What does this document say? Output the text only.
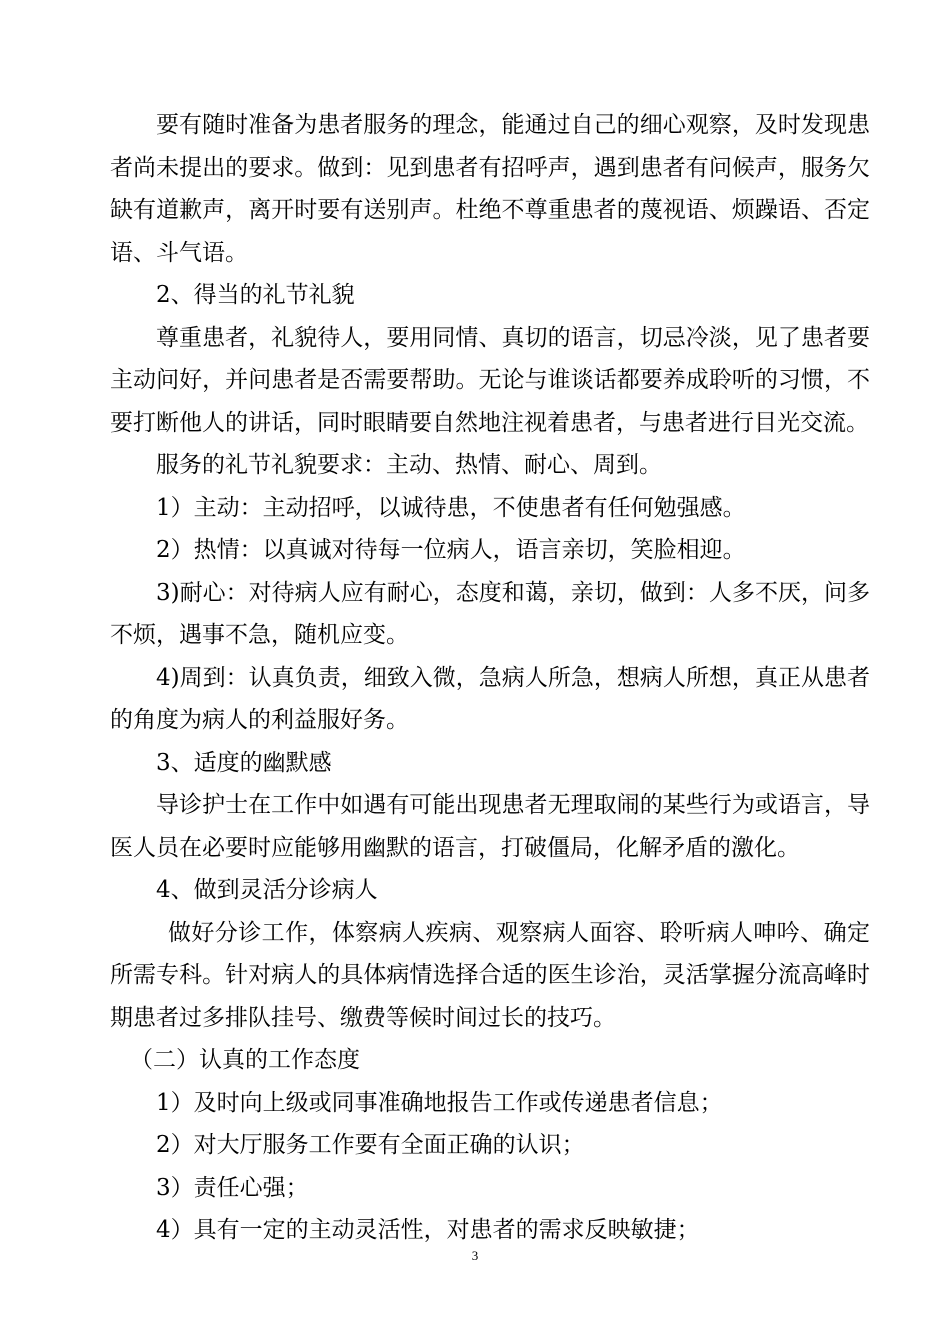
要有随时准备为患者服务的理念，能通过自己的细心观察，及时发现患者尚未提出的要求。做到：见到患者有招呼声，遇到患者有问候声，服务欠缺有道歉声，离开时要有送别声。杜绝不尊重患者的蔑视语、烦躁语、否定语、斗气语。

2、得当的礼节礼貌

尊重患者，礼貌待人，要用同情、真切的语言，切忌冷淡，见了患者要主动问好，并问患者是否需要帮助。无论与谁谈话都要养成聆听的习惯，不要打断他人的讲话，同时眼睛要自然地注视着患者，与患者进行目光交流。

服务的礼节礼貌要求：主动、热情、耐心、周到。

1）主动：主动招呼，以诚待患，不使患者有任何勉强感。

2）热情：以真诚对待每一位病人，语言亲切，笑脸相迎。

3)耐心：对待病人应有耐心，态度和蔼，亲切，做到：人多不厌，问多不烦，遇事不急，随机应变。

4)周到：认真负责，细致入微，急病人所急，想病人所想，真正从患者的角度为病人的利益服好务。

3、适度的幽默感

导诊护士在工作中如遇有可能出现患者无理取闹的某些行为或语言，导医人员在必要时应能够用幽默的语言，打破僵局，化解矛盾的激化。

4、做到灵活分诊病人

做好分诊工作，体察病人疾病、观察病人面容、聆听病人呻吟、确定所需专科。针对病人的具体病情选择合适的医生诊治，灵活掌握分流高峰时期患者过多排队挂号、缴费等候时间过长的技巧。

（二）认真的工作态度

1）及时向上级或同事准确地报告工作或传递患者信息；

2）对大厅服务工作要有全面正确的认识；

3）责任心强；

4）具有一定的主动灵活性，对患者的需求反映敏捷；

3
